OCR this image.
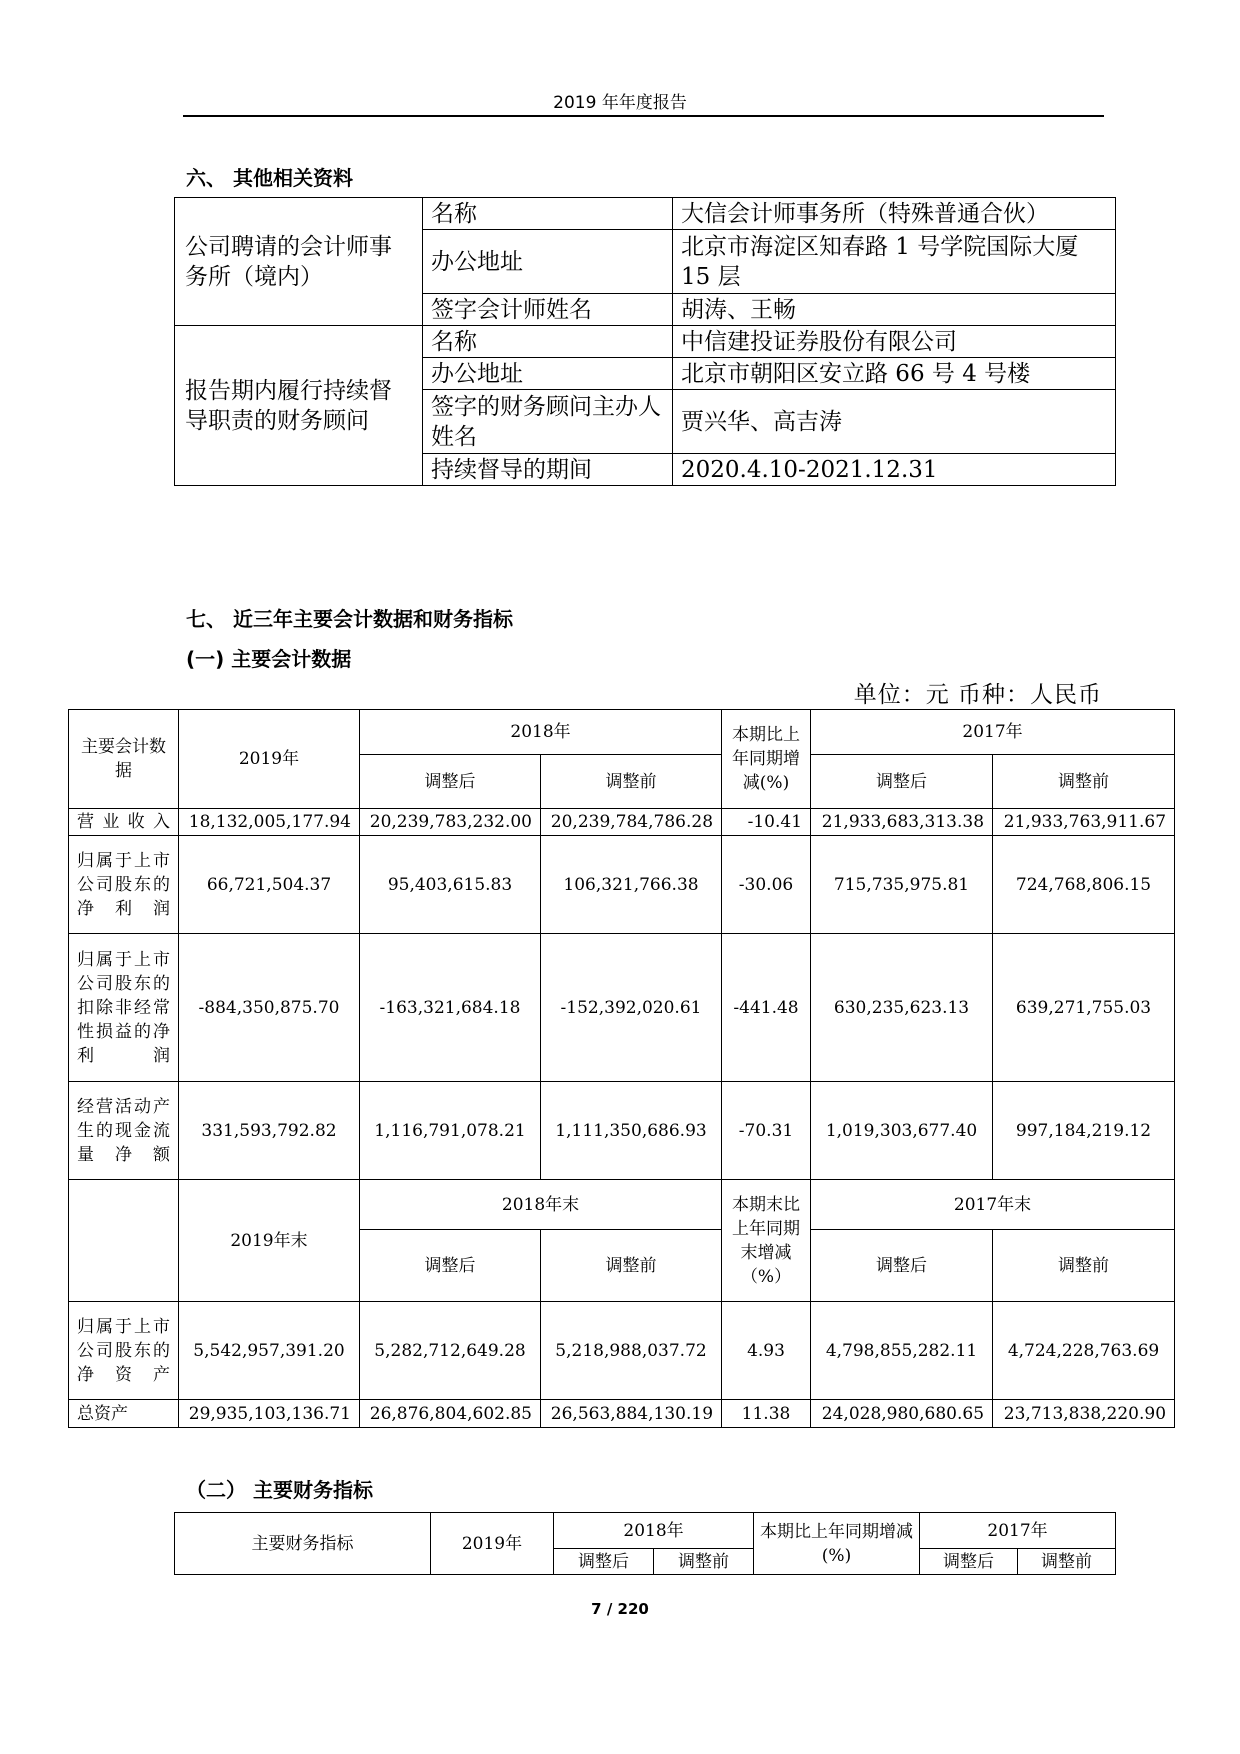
2019 年年度报告
六、 其他相关资料
公司聘请的会计师事务所（境内）	名称	大信会计师事务所（特殊普通合伙）
	办公地址	北京市海淀区知春路 1 号学院国际大厦 15 层
	签字会计师姓名	胡涛、王畅
报告期内履行持续督导职责的财务顾问	名称	中信建投证券股份有限公司
	办公地址	北京市朝阳区安立路 66 号 4 号楼
	签字的财务顾问主办人姓名	贾兴华、高吉涛
	持续督导的期间	2020.4.10-2021.12.31
七、 近三年主要会计数据和财务指标
(一) 主要会计数据
单位：元 币种：人民币
主要会计数据	2019年	2018年		本期比上年同期增减(%)	2017年	
		调整后	调整前		调整后	调整前
营业收入	18,132,005,177.94	20,239,783,232.00	20,239,784,786.28	-10.41	21,933,683,313.38	21,933,763,911.67
归属于上市公司股东的净利润	66,721,504.37	95,403,615.83	106,321,766.38	-30.06	715,735,975.81	724,768,806.15
归属于上市公司股东的扣除非经常性损益的净利润	-884,350,875.70	-163,321,684.18	-152,392,020.61	-441.48	630,235,623.13	639,271,755.03
经营活动产生的现金流量净额	331,593,792.82	1,116,791,078.21	1,111,350,686.93	-70.31	1,019,303,677.40	997,184,219.12
	2019年末	2018年末		本期末比上年同期末增减（%）	2017年末	
		调整后	调整前		调整后	调整前
归属于上市公司股东的净资产	5,542,957,391.20	5,282,712,649.28	5,218,988,037.72	4.93	4,798,855,282.11	4,724,228,763.69
总资产	29,935,103,136.71	26,876,804,602.85	26,563,884,130.19	11.38	24,028,980,680.65	23,713,838,220.90
（二） 主要财务指标
主要财务指标	2019年	2018年		本期比上年同期增减(%)	2017年	
		调整后	调整前		调整后	调整前
7 / 220
